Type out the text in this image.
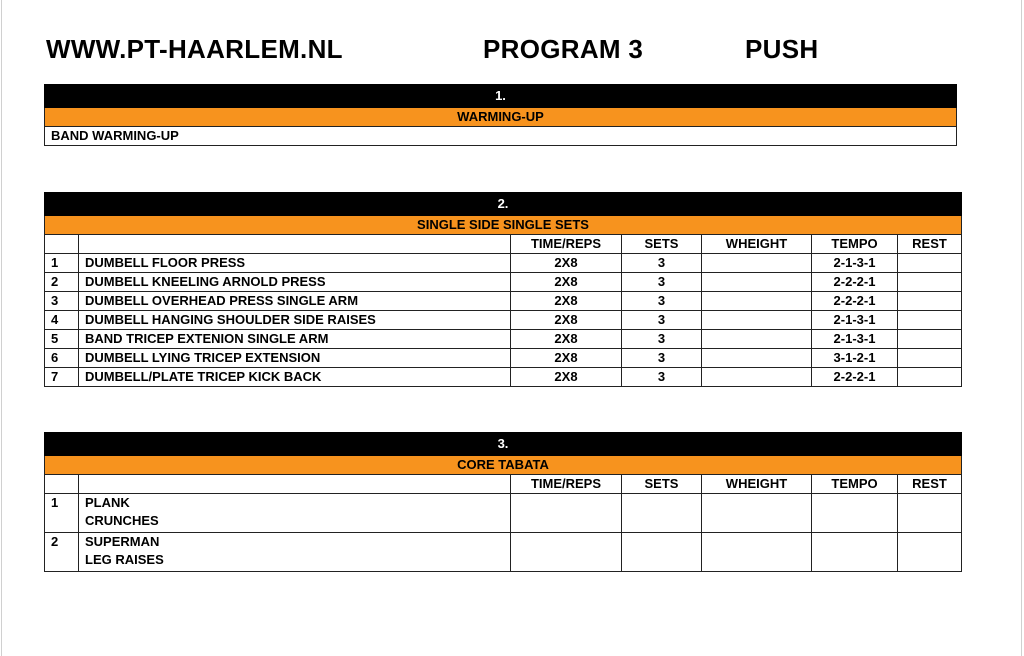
WWW.PT-HAARLEM.NL	PROGRAM 3	PUSH
1.
WARMING-UP
BAND WARMING-UP
2.						
SINGLE SIDE SINGLE SETS						
		TIME/REPS	SETS	WHEIGHT	TEMPO	REST
1	DUMBELL FLOOR PRESS	2X8	3		2-1-3-1	
2	DUMBELL KNEELING ARNOLD PRESS	2X8	3		2-2-2-1	
3	DUMBELL OVERHEAD PRESS SINGLE ARM	2X8	3		2-2-2-1	
4	DUMBELL HANGING SHOULDER SIDE RAISES	2X8	3		2-1-3-1	
5	BAND TRICEP EXTENION SINGLE ARM	2X8	3		2-1-3-1	
6	DUMBELL LYING TRICEP EXTENSION	2X8	3		3-1-2-1	
7	DUMBELL/PLATE TRICEP KICK BACK	2X8	3		2-2-2-1	
3.						
CORE TABATA						
		TIME/REPS	SETS	WHEIGHT	TEMPO	REST
1	PLANK
CRUNCHES					

2	SUPERMAN
LEG RAISES					
